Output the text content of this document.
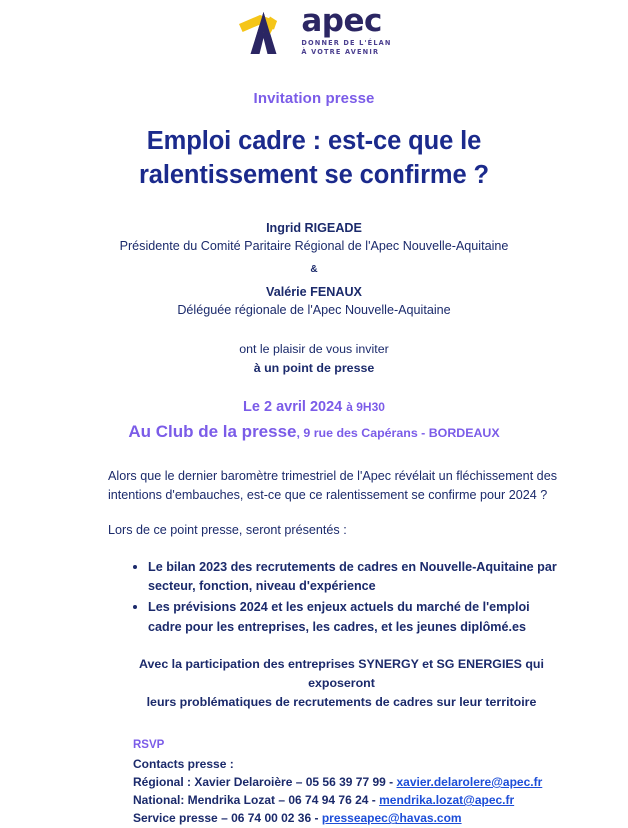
apec
DONNER DE L'ÉLAN
À VOTRE AVENIR
Invitation presse
Emploi cadre : est-ce que le
ralentissement se confirme ?
Ingrid RIGEADE
Présidente du Comité Paritaire Régional de l'Apec Nouvelle-Aquitaine
&
Valérie FENAUX
Déléguée régionale de l'Apec Nouvelle-Aquitaine
ont le plaisir de vous inviter
à un point de presse
Le 2 avril 2024 à 9H30
Au Club de la presse, 9 rue des Capérans - BORDEAUX

Alors que le dernier baromètre trimestriel de l'Apec révélait un fléchissement des intentions d'embauches, est-ce que ce ralentissement se confirme pour 2024 ?

Lors de ce point presse, seront présentés :

Le bilan 2023 des recrutements de cadres en Nouvelle-Aquitaine par secteur, fonction, niveau d'expérience
Les prévisions 2024 et les enjeux actuels du marché de l'emploi cadre pour les entreprises, les cadres, et les jeunes diplômé.es
Avec la participation des entreprises SYNERGY et SG ENERGIES qui exposeront
leurs problématiques de recrutements de cadres sur leur territoire
RSVP
Contacts presse :
Régional : Xavier Delaroière – 05 56 39 77 99 - xavier.delarolere@apec.fr
National: Mendrika Lozat – 06 74 94 76 24 - mendrika.lozat@apec.fr
Service presse – 06 74 00 02 36 - presseapec@havas.com
